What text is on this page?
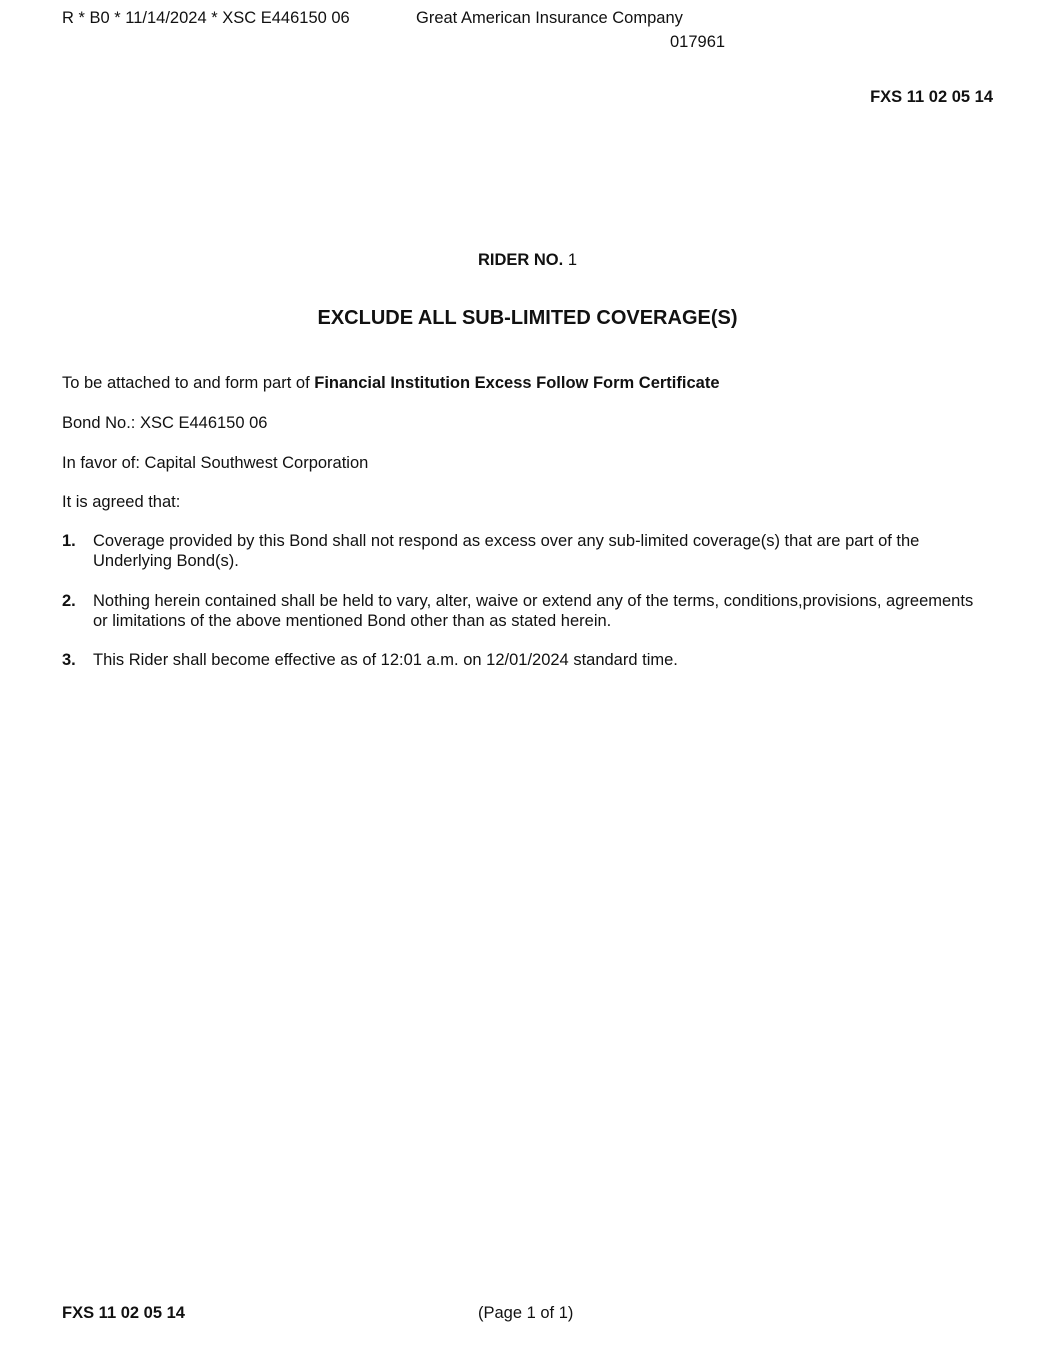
R * B0 * 11/14/2024 * XSC E446150 06	Great American Insurance Company
017961
FXS 11 02 05 14
RIDER NO. 1
EXCLUDE ALL SUB-LIMITED COVERAGE(S)
To be attached to and form part of Financial Institution Excess Follow Form Certificate
Bond No.: XSC E446150 06
In favor of: Capital Southwest Corporation
It is agreed that:
1. Coverage provided by this Bond shall not respond as excess over any sub-limited coverage(s) that are part of the Underlying Bond(s).
2. Nothing herein contained shall be held to vary, alter, waive or extend any of the terms, conditions,provisions, agreements or limitations of the above mentioned Bond other than as stated herein.
3. This Rider shall become effective as of 12:01 a.m. on 12/01/2024 standard time.
FXS 11 02 05 14	(Page 1 of 1)
